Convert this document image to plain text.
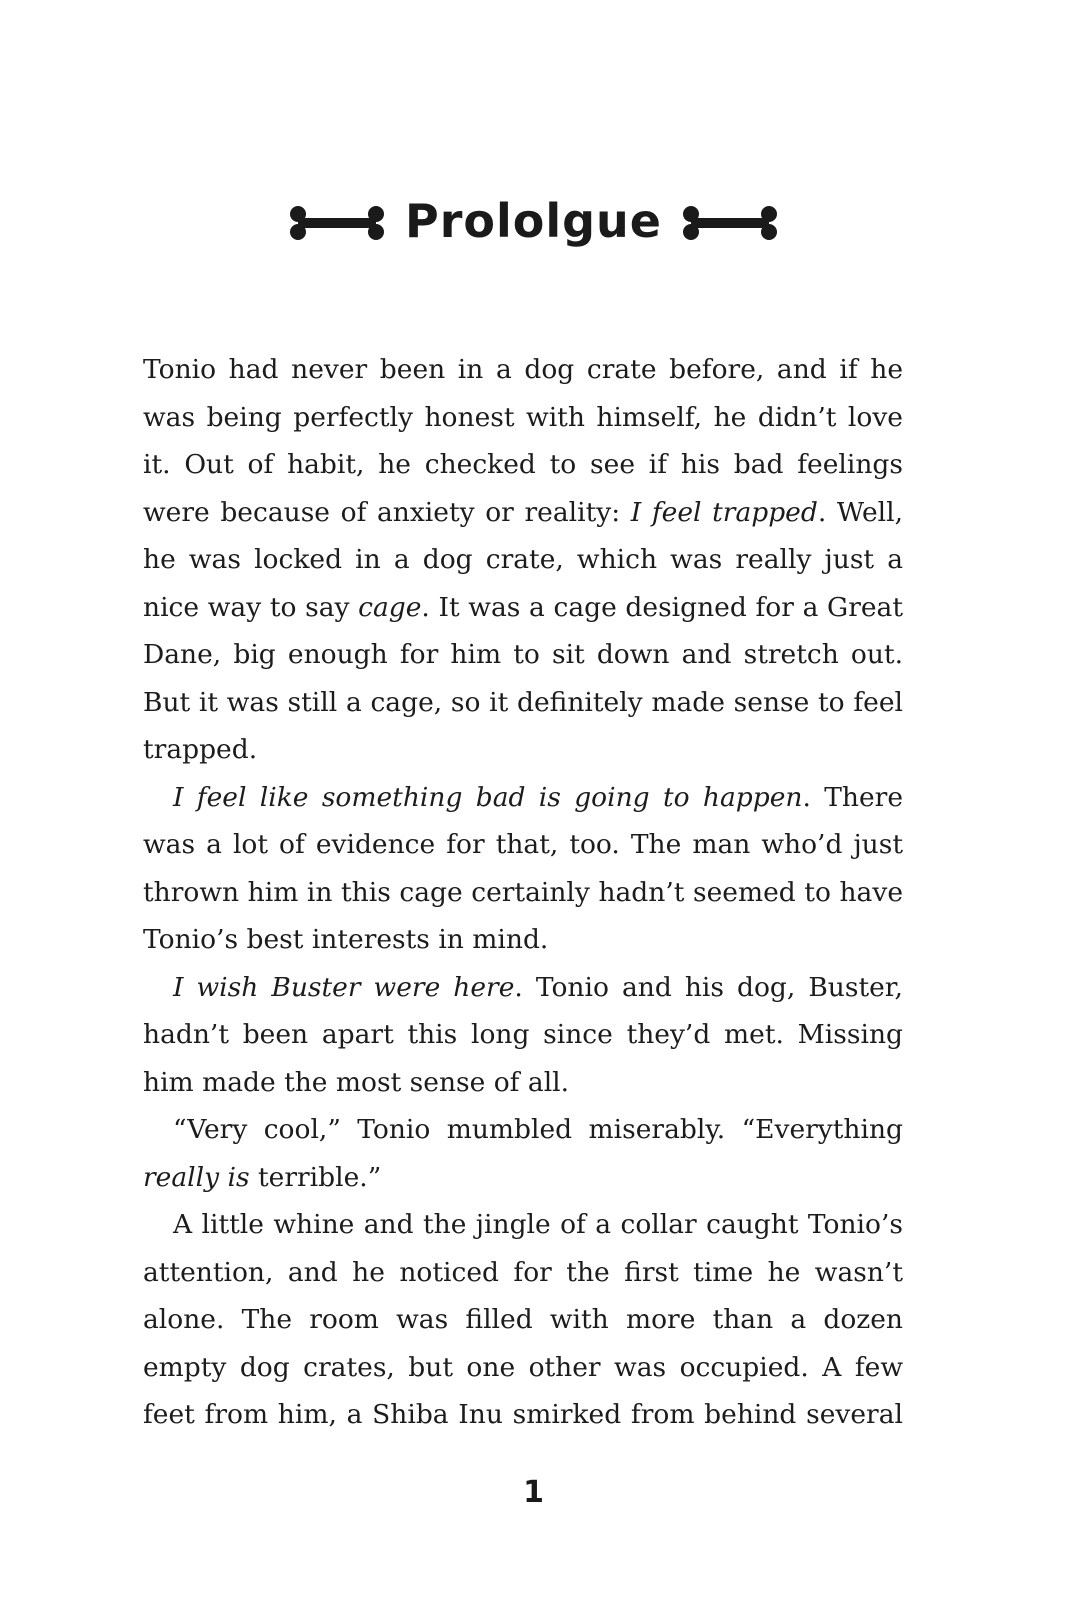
Prololgue

Tonio had never been in a dog crate before, and if he was being perfectly honest with himself, he didn’t love it. Out of habit, he checked to see if his bad feelings were because of anxiety or reality: I feel trapped. Well, he was locked in a dog crate, which was really just a nice way to say cage. It was a cage designed for a Great Dane, big enough for him to sit down and stretch out. But it was still a cage, so it definitely made sense to feel trapped.

I feel like something bad is going to happen. There was a lot of evidence for that, too. The man who’d just thrown him in this cage certainly hadn’t seemed to have Tonio’s best interests in mind.

I wish Buster were here. Tonio and his dog, Buster, hadn’t been apart this long since they’d met. Missing him made the most sense of all.

“Very cool,” Tonio mumbled miserably. “Everything really is terrible.”

A little whine and the jingle of a collar caught Tonio’s attention, and he noticed for the first time he wasn’t alone. The room was filled with more than a dozen empty dog crates, but one other was occupied. A few feet from him, a Shiba Inu smirked from behind several

1
